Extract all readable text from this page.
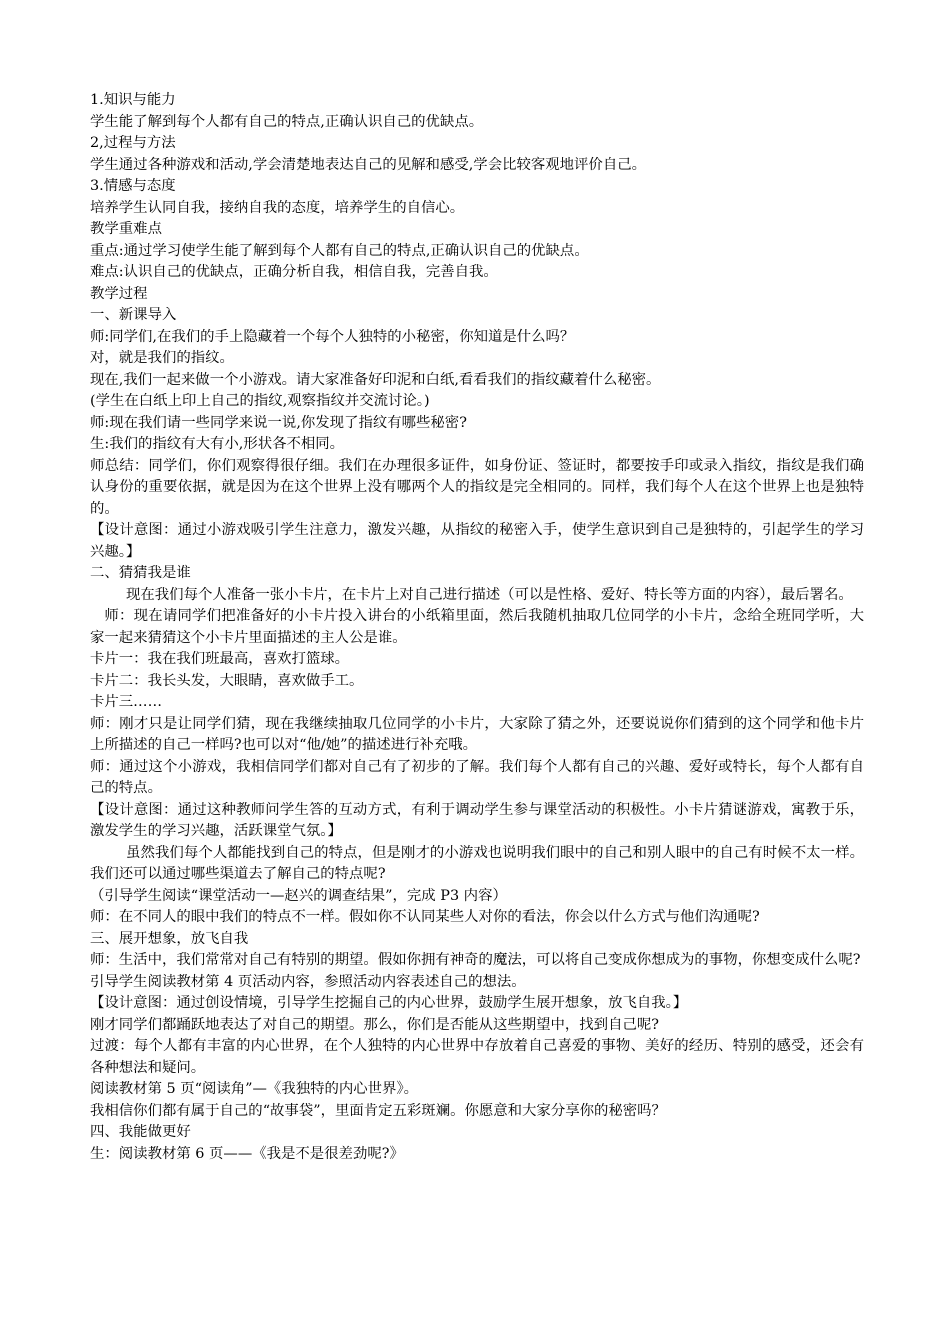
1.知识与能力

学生能了解到每个人都有自己的特点,正确认识自己的优缺点。

2,过程与方法

学生通过各种游戏和活动,学会清楚地表达自己的见解和感受,学会比较客观地评价自己。

3.情感与态度

培养学生认同自我，接纳自我的态度，培养学生的自信心。

教学重难点

重点:通过学习使学生能了解到每个人都有自己的特点,正确认识自己的优缺点。

难点:认识自己的优缺点，正确分析自我，相信自我，完善自我。

教学过程

一、新课导入

师:同学们,在我们的手上隐藏着一个每个人独特的小秘密，你知道是什么吗？

对，就是我们的指纹。

现在,我们一起来做一个小游戏。请大家准备好印泥和白纸,看看我们的指纹藏着什么秘密。

(学生在白纸上印上自己的指纹,观察指纹并交流讨论。)

师:现在我们请一些同学来说一说,你发现了指纹有哪些秘密?

生:我们的指纹有大有小,形状各不相同。

师总结：同学们，你们观察得很仔细。我们在办理很多证件，如身份证、签证时，都要按手印或录入指纹，指纹是我们确认身份的重要依据，就是因为在这个世界上没有哪两个人的指纹是完全相同的。同样，我们每个人在这个世界上也是独特的。

【设计意图：通过小游戏吸引学生注意力，激发兴趣，从指纹的秘密入手，使学生意识到自己是独特的，引起学生的学习兴趣。】

二、猜猜我是谁

现在我们每个人准备一张小卡片，在卡片上对自己进行描述（可以是性格、爱好、特长等方面的内容），最后署名。

师：现在请同学们把准备好的小卡片投入讲台的小纸箱里面，然后我随机抽取几位同学的小卡片，念给全班同学听，大家一起来猜猜这个小卡片里面描述的主人公是谁。

卡片一：我在我们班最高，喜欢打篮球。

卡片二：我长头发，大眼睛，喜欢做手工。

卡片三……

师：刚才只是让同学们猜，现在我继续抽取几位同学的小卡片，大家除了猜之外，还要说说你们猜到的这个同学和他卡片上所描述的自己一样吗?也可以对“他/她”的描述进行补充哦。

师：通过这个小游戏，我相信同学们都对自己有了初步的了解。我们每个人都有自己的兴趣、爱好或特长，每个人都有自己的特点。

【设计意图：通过这种教师问学生答的互动方式，有利于调动学生参与课堂活动的积极性。小卡片猜谜游戏，寓教于乐，激发学生的学习兴趣，活跃课堂气氛。】

虽然我们每个人都能找到自己的特点，但是刚才的小游戏也说明我们眼中的自己和别人眼中的自己有时候不太一样。我们还可以通过哪些渠道去了解自己的特点呢?

（引导学生阅读“课堂活动一—赵兴的调查结果”，完成 P3 内容）

师：在不同人的眼中我们的特点不一样。假如你不认同某些人对你的看法，你会以什么方式与他们沟通呢?

三、展开想象，放飞自我

师：生活中，我们常常对自己有特别的期望。假如你拥有神奇的魔法，可以将自己变成你想成为的事物，你想变成什么呢?

引导学生阅读教材第 4 页活动内容，参照活动内容表述自己的想法。

【设计意图：通过创设情境，引导学生挖掘自己的内心世界，鼓励学生展开想象，放飞自我。】

刚才同学们都踊跃地表达了对自己的期望。那么，你们是否能从这些期望中，找到自己呢?

过渡：每个人都有丰富的内心世界，在个人独特的内心世界中存放着自己喜爱的事物、美好的经历、特别的感受，还会有各种想法和疑问。

阅读教材第 5 页“阅读角”—《我独特的内心世界》。

我相信你们都有属于自己的“故事袋”，里面肯定五彩斑斓。你愿意和大家分享你的秘密吗？

四、我能做更好

生：阅读教材第 6 页——《我是不是很差劲呢?》
